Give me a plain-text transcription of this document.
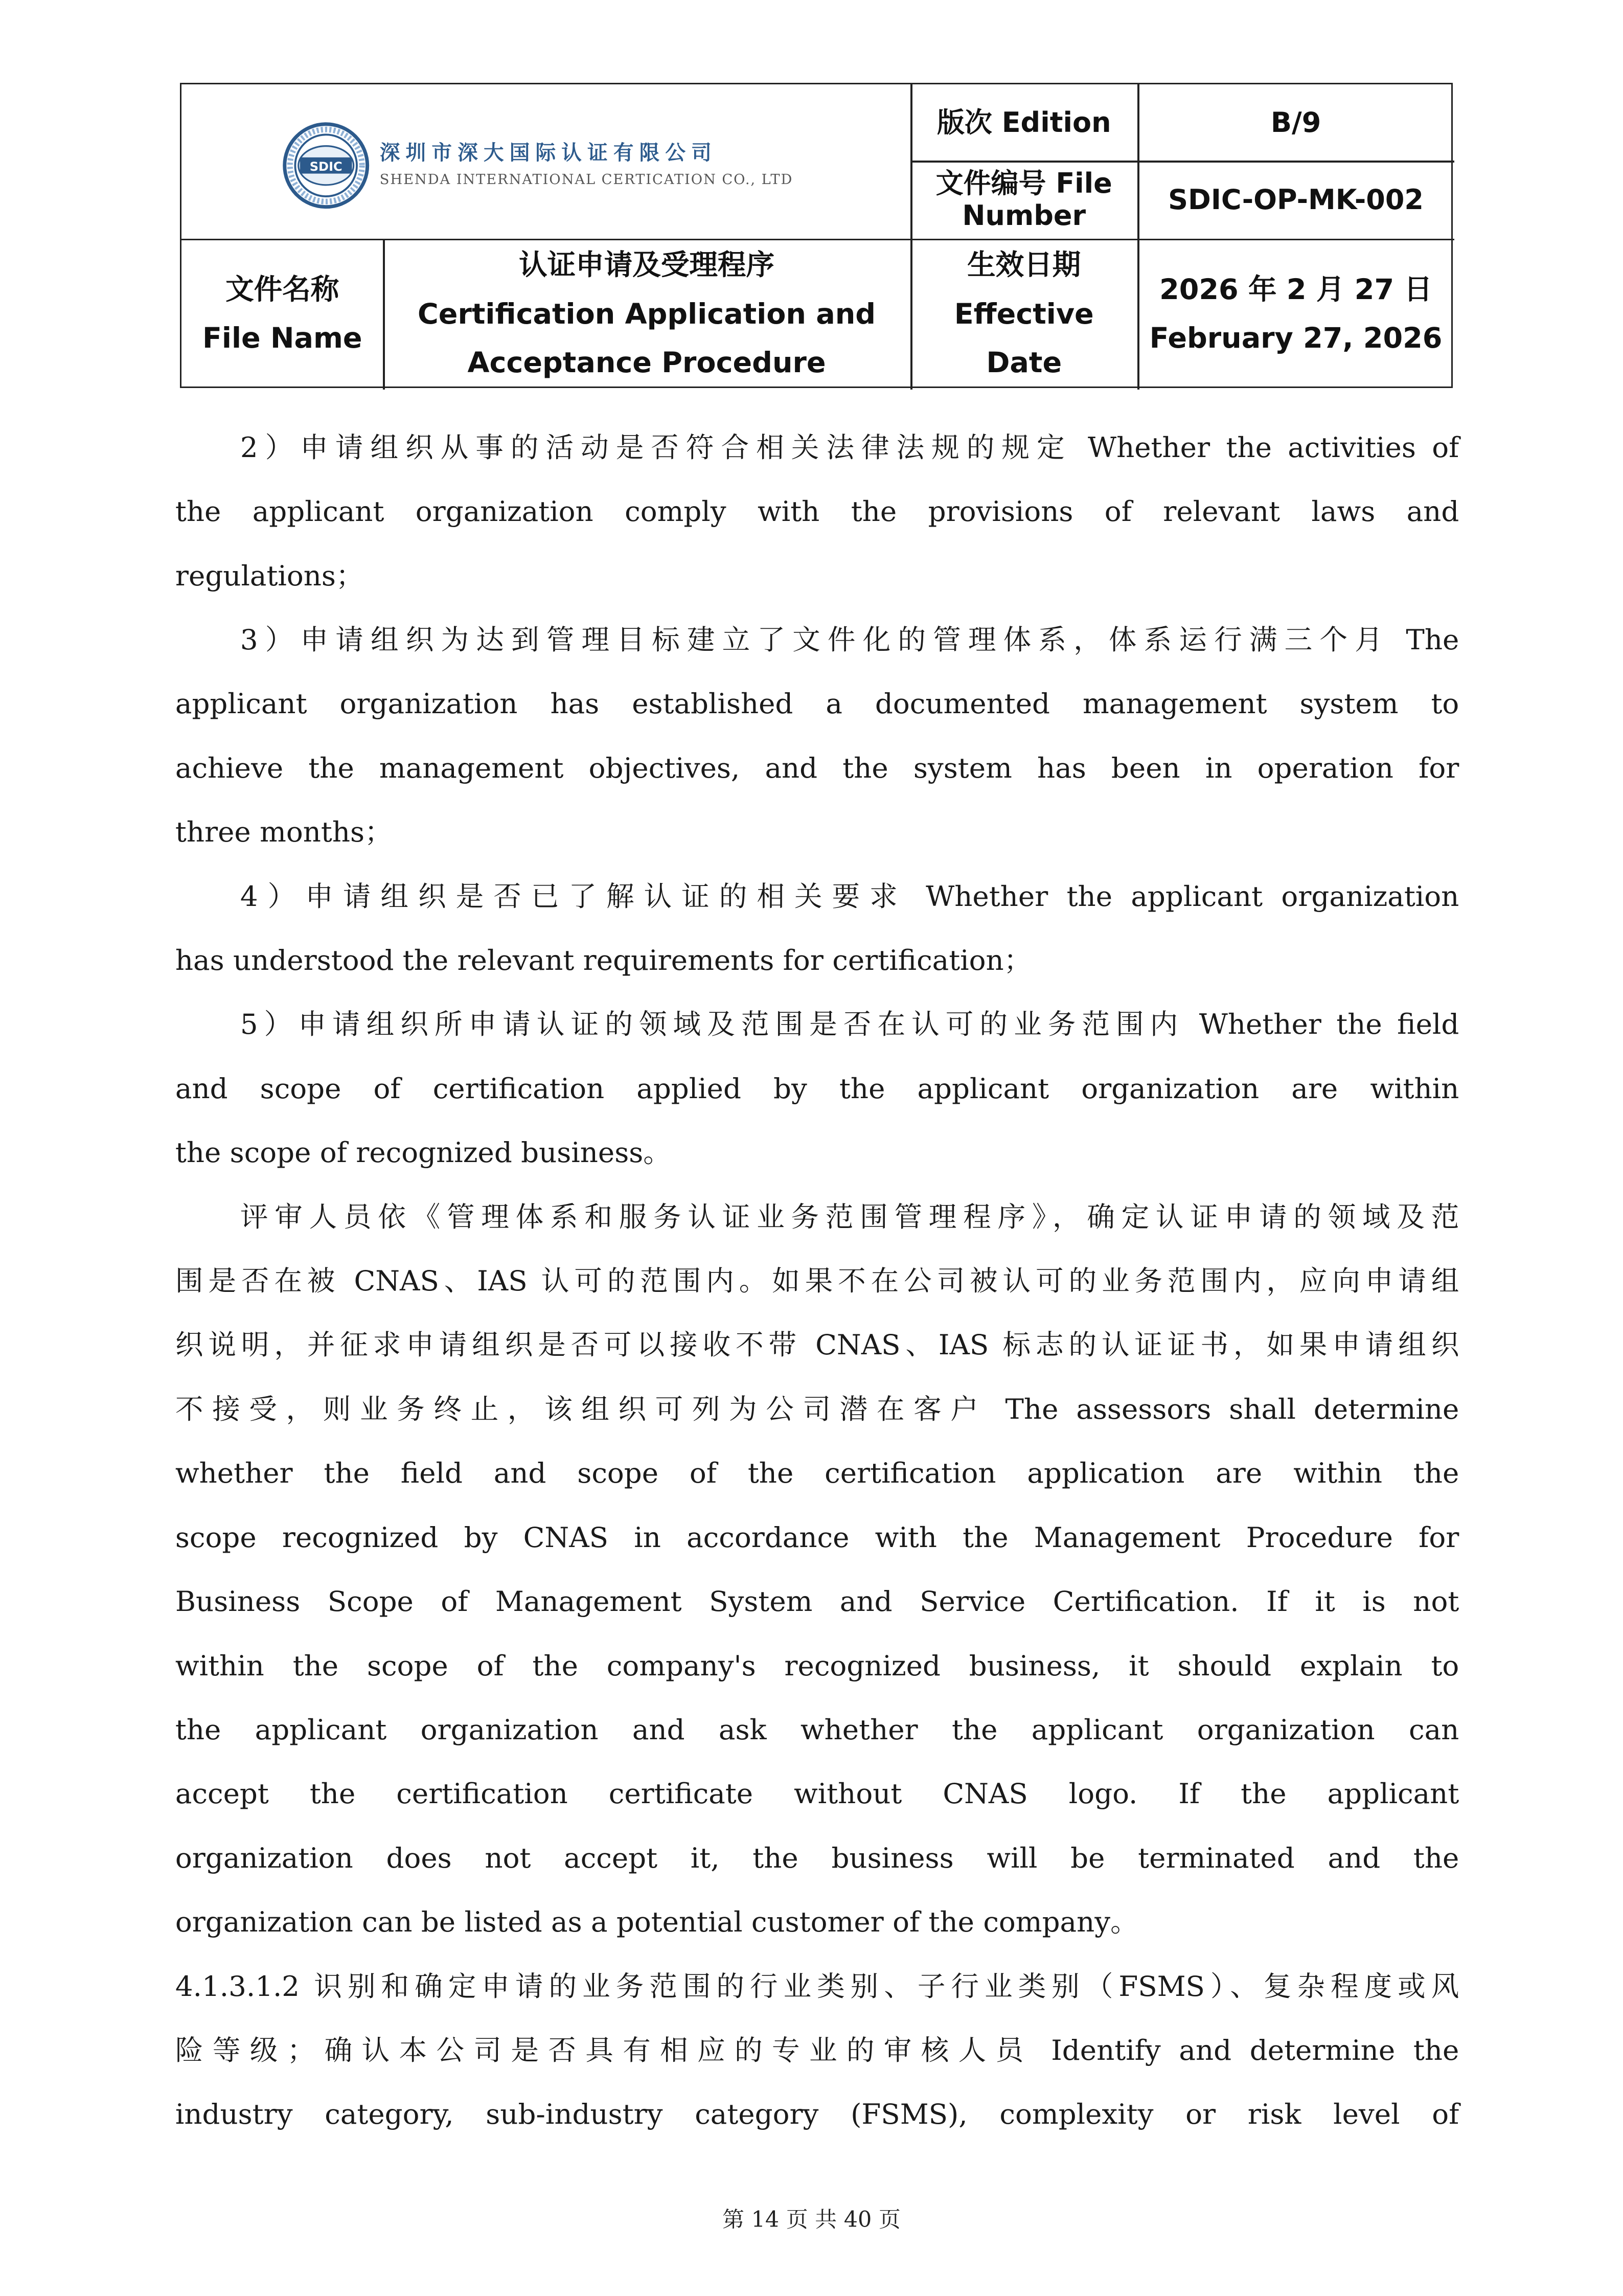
SDIC
深圳市深大国际认证有限公司
SHENDA INTERNATIONAL CERTICATION CO., LTD
版次 Edition	B/9
文件编号 File
Number
SDIC-OP-MK-002
文件名称
File Name
认证申请及受理程序
Certification Application and
Acceptance Procedure
生效日期
Effective
Date
2026 年 2 月 27 日
February 27, 2026
2）申请组织从事的活动是否符合相关法律法规的规定 Whether the activities of
the applicant organization comply with the provisions of relevant laws and
regulations；
3）申请组织为达到管理目标建立了文件化的管理体系，体系运行满三个月 The
applicant organization has established a documented management system to
achieve the management objectives, and the system has been in operation for
three months；
4）申请组织是否已了解认证的相关要求 Whether the applicant organization
has understood the relevant requirements for certification；
5）申请组织所申请认证的领域及范围是否在认可的业务范围内 Whether the field
and scope of certification applied by the applicant organization are within
the scope of recognized business。
评审人员依《管理体系和服务认证业务范围管理程序》，确定认证申请的领域及范
围是否在被 CNAS、IAS 认可的范围内。如果不在公司被认可的业务范围内，应向申请组
织说明，并征求申请组织是否可以接收不带 CNAS、IAS 标志的认证证书，如果申请组织
不接受，则业务终止，该组织可列为公司潜在客户 The assessors shall determine
whether the field and scope of the certification application are within the
scope recognized by CNAS in accordance with the Management Procedure for
Business Scope of Management System and Service Certification. If it is not
within the scope of the company's recognized business, it should explain to
the applicant organization and ask whether the applicant organization can
accept the certification certificate without CNAS logo. If the applicant
organization does not accept it, the business will be terminated and the
organization can be listed as a potential customer of the company。
4.1.3.1.2 识别和确定申请的业务范围的行业类别、子行业类别（FSMS）、复杂程度或风
险等级；确认本公司是否具有相应的专业的审核人员 Identify and determine the
industry category, sub-industry category (FSMS), complexity or risk level of
第 14 页 共 40 页
